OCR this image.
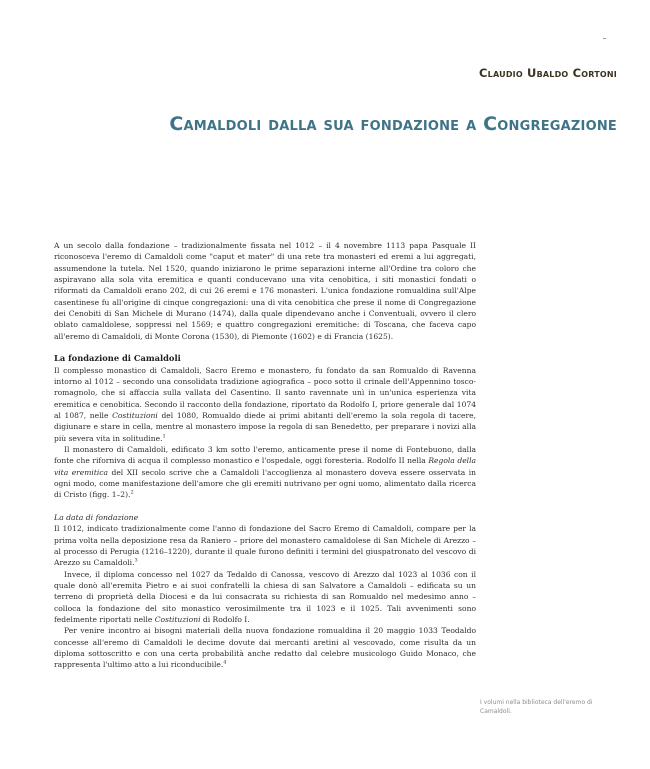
Claudio Ubaldo Cortoni
Camaldoli dalla sua fondazione a Congregazione

A un secolo dalla fondazione – tradizionalmente fissata nel 1012 – il 4 novembre 1113 papa Pasquale II riconosceva l'eremo di Camaldoli come "caput et mater" di una rete tra monasteri ed eremi a lui aggregati, assumendone la tutela. Nel 1520, quando iniziarono le prime separazioni interne all'Ordine tra coloro che aspiravano alla sola vita eremitica e quanti conducevano una vita cenobitica, i siti monastici fondati o riformati da Camaldoli erano 202, di cui 26 eremi e 176 monasteri. L'unica fondazione romualdina sull'Alpe casentinese fu all'origine di cinque congregazioni: una di vita cenobitica che prese il nome di Congregazione dei Cenobiti di San Michele di Murano (1474), dalla quale dipendevano anche i Conventuali, ovvero il clero oblato camaldolese, soppressi nel 1569; e quattro congregazioni eremitiche: di Toscana, che faceva capo all'eremo di Camaldoli, di Monte Corona (1530), di Piemonte (1602) e di Francia (1625).

La fondazione di Camaldoli

Il complesso monastico di Camaldoli, Sacro Eremo e monastero, fu fondato da san Romualdo di Ravenna intorno al 1012 – secondo una consolidata tradizione agiografica – poco sotto il crinale dell'Appennino tosco-romagnolo, che si affaccia sulla vallata del Casentino. Il santo ravennate unì in un'unica esperienza vita eremitica e cenobitica. Secondo il racconto della fondazione, riportato da Rodolfo I, priore generale dal 1074 al 1087, nelle Costituzioni del 1080, Romualdo diede ai primi abitanti dell'eremo la sola regola di tacere, digiunare e stare in cella, mentre al monastero impose la regola di san Benedetto, per preparare i novizi alla più severa vita in solitudine.$^1$

Il monastero di Camaldoli, edificato 3 km sotto l'eremo, anticamente prese il nome di Fontebuono, dalla fonte che riforniva di acqua il complesso monastico e l'ospedale, oggi foresteria. Rodolfo II nella Regola della vita eremitica del XII secolo scrive che a Camaldoli l'accoglienza al monastero doveva essere osservata in ogni modo, come manifestazione dell'amore che gli eremiti nutrivano per ogni uomo, alimentato dalla ricerca di Cristo (figg. 1–2).$^2$

La data di fondazione

Il 1012, indicato tradizionalmente come l'anno di fondazione del Sacro Eremo di Camaldoli, compare per la prima volta nella deposizione resa da Raniero – priore del monastero camaldolese di San Michele di Arezzo – al processo di Perugia (1216–1220), durante il quale furono definiti i termini del giuspatronato del vescovo di Arezzo su Camaldoli.$^3$

Invece, il diploma concesso nel 1027 da Tedaldo di Canossa, vescovo di Arezzo dal 1023 al 1036 con il quale donò all'eremita Pietro e ai suoi confratelli la chiesa di san Salvatore a Camaldoli – edificata su un terreno di proprietà della Diocesi e da lui consacrata su richiesta di san Romualdo nel medesimo anno – colloca la fondazione del sito monastico verosimilmente tra il 1023 e il 1025. Tali avvenimenti sono fedelmente riportati nelle Costituzioni di Rodolfo I.

Per venire incontro ai bisogni materiali della nuova fondazione romualdina il 20 maggio 1033 Teodaldo concesse all'eremo di Camaldoli le decime dovute dai mercanti aretini al vescovado, come risulta da un diploma sottoscritto e con una certa probabilità anche redatto dal celebre musicologo Guido Monaco, che rappresenta l'ultimo atto a lui riconducibile.$^4$

I volumi nella biblioteca dell'eremo di Camaldoli.
